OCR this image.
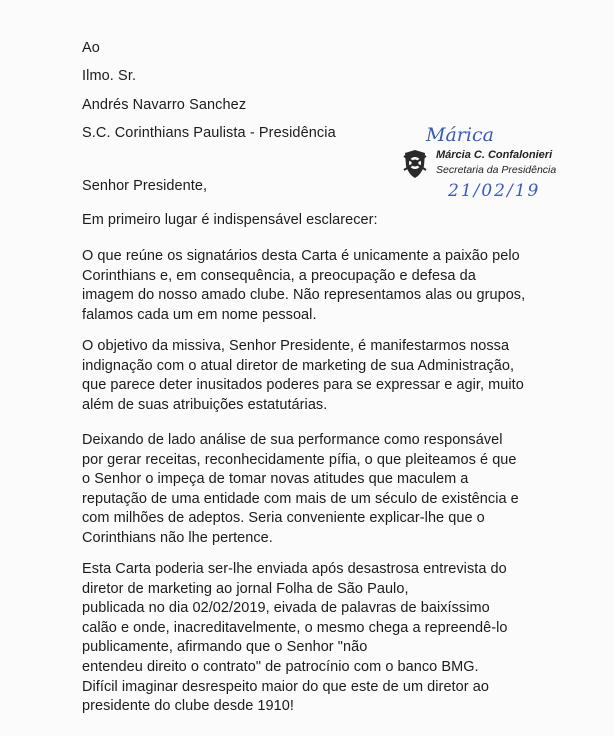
Ao
Ilmo. Sr.
Andrés Navarro Sanchez
S.C. Corinthians Paulista - Presidência	Márica
Márcia C. Confalonieri
Secretaria da Presidência
21/02/19
Senhor Presidente,
Em primeiro lugar é indispensável esclarecer:
O que reúne os signatários desta Carta é unicamente a paixão pelo
Corinthians e, em consequência, a preocupação e defesa da
imagem do nosso amado clube. Não representamos alas ou grupos,
falamos cada um em nome pessoal.
O objetivo da missiva, Senhor Presidente, é manifestarmos nossa
indignação com o atual diretor de marketing de sua Administração,
que parece deter inusitados poderes para se expressar e agir, muito
além de suas atribuições estatutárias.
Deixando de lado análise de sua performance como responsável
por gerar receitas, reconhecidamente pífia, o que pleiteamos é que
o Senhor o impeça de tomar novas atitudes que maculem a
reputação de uma entidade com mais de um século de existência e
com milhões de adeptos. Seria conveniente explicar-lhe que o
Corinthians não lhe pertence.
Esta Carta poderia ser-lhe enviada após desastrosa entrevista do
diretor de marketing ao jornal Folha de São Paulo,
publicada no dia 02/02/2019, eivada de palavras de baixíssimo
calão e onde, inacreditavelmente, o mesmo chega a repreendê-lo
publicamente, afirmando que o Senhor "não
entendeu direito o contrato" de patrocínio com o banco BMG.
Difícil imaginar desrespeito maior do que este de um diretor ao
presidente do clube desde 1910!
